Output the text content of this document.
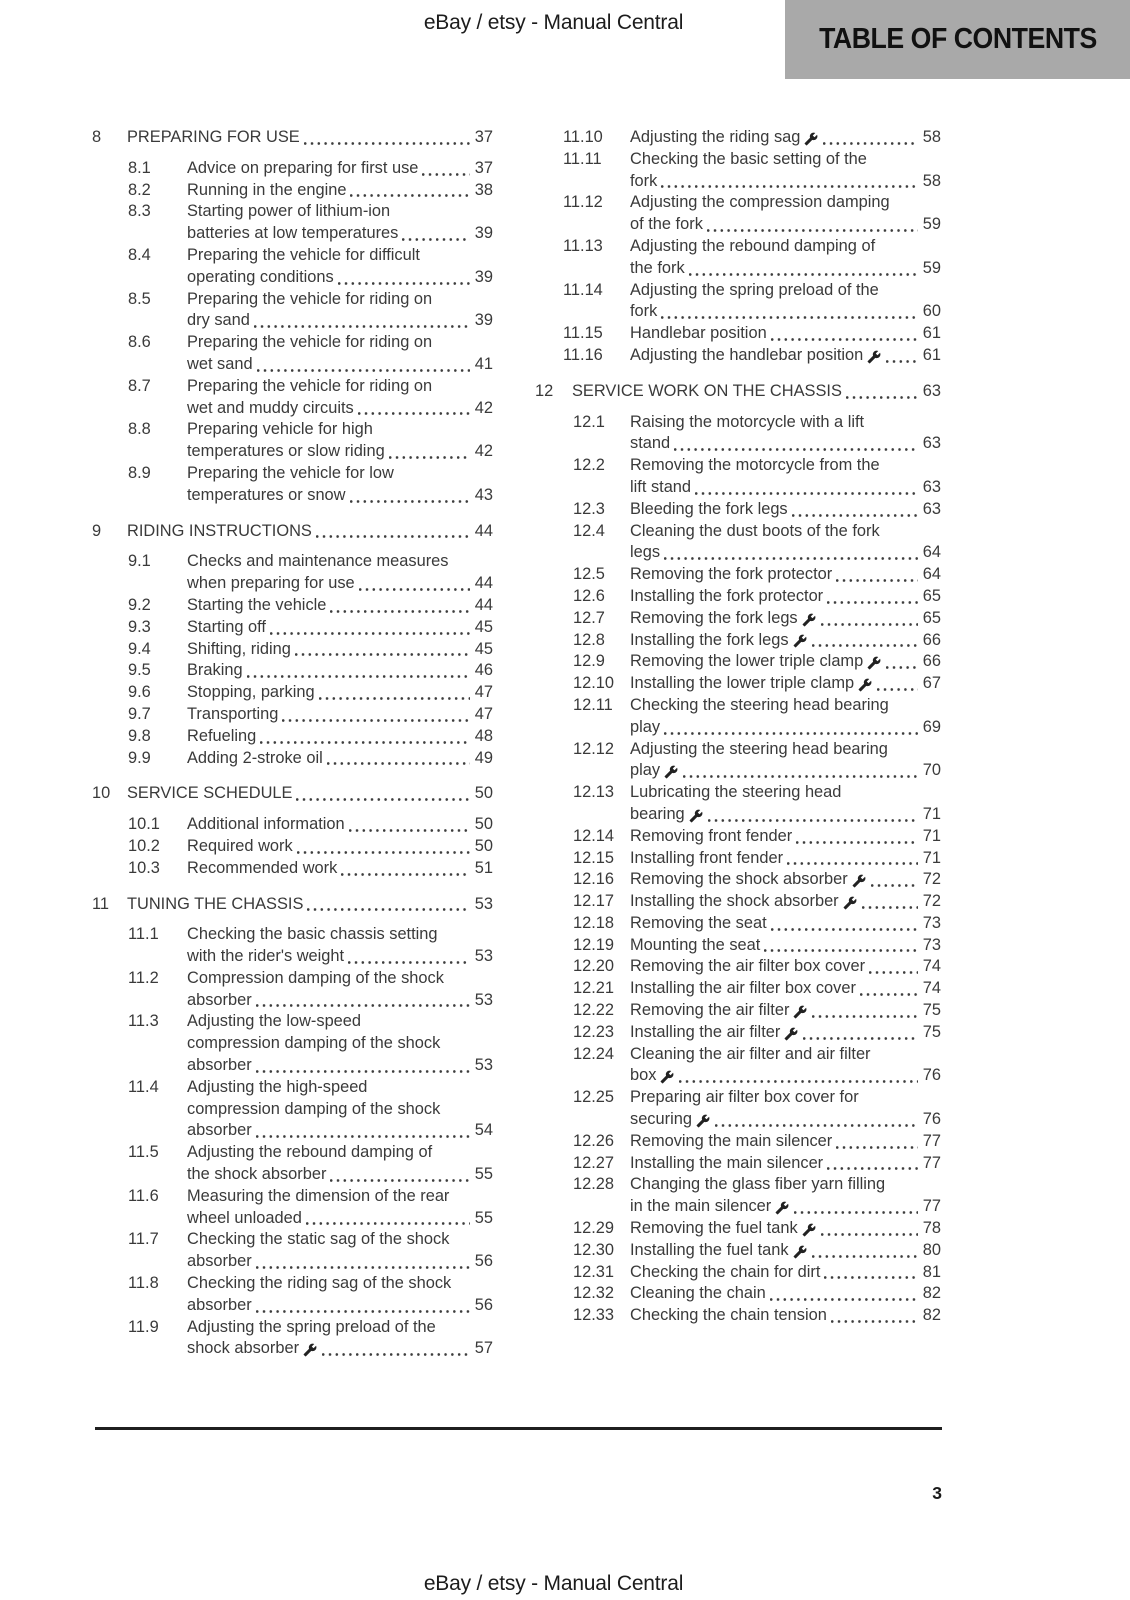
eBay / etsy - Manual Central
TABLE OF CONTENTS
8	PREPARING FOR USE	37
8.1	Advice on preparing for first use	37
8.2	Running in the engine	38
8.3	Starting power of lithium-ion
batteries at low temperatures	39
8.4	Preparing the vehicle for difficult
operating conditions	39
8.5	Preparing the vehicle for riding on
dry sand	39
8.6	Preparing the vehicle for riding on
wet sand	41
8.7	Preparing the vehicle for riding on
wet and muddy circuits	42
8.8	Preparing vehicle for high
temperatures or slow riding	42
8.9	Preparing the vehicle for low
temperatures or snow	43
9	RIDING INSTRUCTIONS	44
9.1	Checks and maintenance measures
when preparing for use	44
9.2	Starting the vehicle	44
9.3	Starting off	45
9.4	Shifting, riding	45
9.5	Braking	46
9.6	Stopping, parking	47
9.7	Transporting	47
9.8	Refueling	48
9.9	Adding 2-stroke oil	49
10	SERVICE SCHEDULE	50
10.1	Additional information	50
10.2	Required work	50
10.3	Recommended work	51
11	TUNING THE CHASSIS	53
11.1	Checking the basic chassis setting
with the rider's weight	53
11.2	Compression damping of the shock
absorber	53
11.3	Adjusting the low-speed
compression damping of the shock
absorber	53
11.4	Adjusting the high-speed
compression damping of the shock
absorber	54
11.5	Adjusting the rebound damping of
the shock absorber	55
11.6	Measuring the dimension of the rear
wheel unloaded	55
11.7	Checking the static sag of the shock
absorber	56
11.8	Checking the riding sag of the shock
absorber	56
11.9	Adjusting the spring preload of the
shock absorber	57
11.10	Adjusting the riding sag	58
11.11	Checking the basic setting of the
fork	58
11.12	Adjusting the compression damping
of the fork	59
11.13	Adjusting the rebound damping of
the fork	59
11.14	Adjusting the spring preload of the
fork	60
11.15	Handlebar position	61
11.16	Adjusting the handlebar position	61
12	SERVICE WORK ON THE CHASSIS	63
12.1	Raising the motorcycle with a lift
stand	63
12.2	Removing the motorcycle from the
lift stand	63
12.3	Bleeding the fork legs	63
12.4	Cleaning the dust boots of the fork
legs	64
12.5	Removing the fork protector	64
12.6	Installing the fork protector	65
12.7	Removing the fork legs	65
12.8	Installing the fork legs	66
12.9	Removing the lower triple clamp	66
12.10 Installing the lower triple clamp	67
12.11	Checking the steering head bearing
play	69
12.12 Adjusting the steering head bearing
play	70
12.13 Lubricating the steering head
bearing	71
12.14 Removing front fender	71
12.15 Installing front fender	71
12.16 Removing the shock absorber	72
12.17 Installing the shock absorber	72
12.18 Removing the seat	73
12.19 Mounting the seat	73
12.20 Removing the air filter box cover	74
12.21 Installing the air filter box cover	74
12.22 Removing the air filter	75
12.23 Installing the air filter	75
12.24 Cleaning the air filter and air filter
box	76
12.25 Preparing air filter box cover for
securing	76
12.26 Removing the main silencer	77
12.27 Installing the main silencer	77
12.28 Changing the glass fiber yarn filling
in the main silencer	77
12.29 Removing the fuel tank	78
12.30 Installing the fuel tank	80
12.31 Checking the chain for dirt	81
12.32 Cleaning the chain	82
12.33 Checking the chain tension	82
3
eBay / etsy - Manual Central
